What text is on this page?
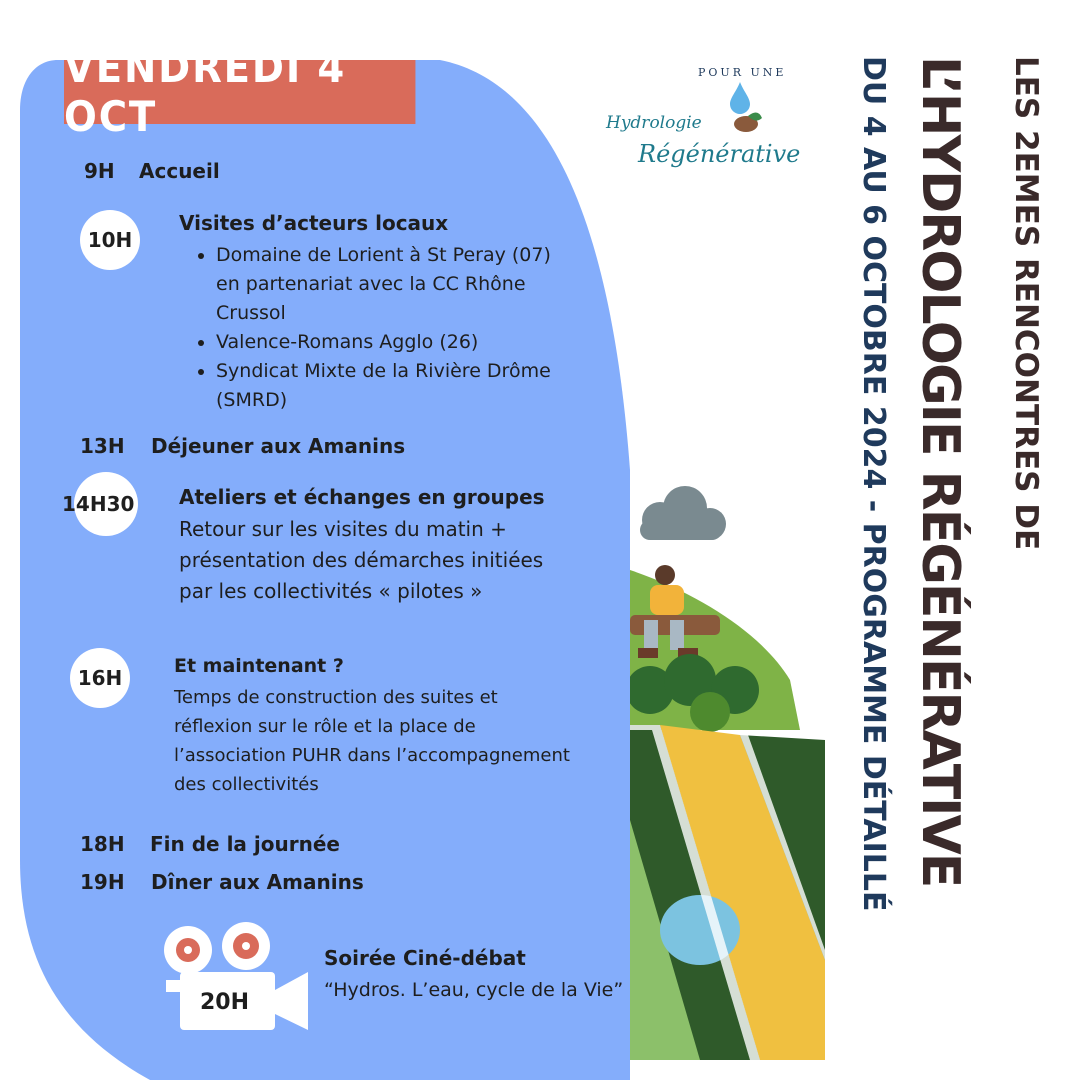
VENDREDI 4 OCT
POUR UNE
Hydrologie
Régénérative	LES 2EMES RENCONTRES DE
L’HYDROLOGIE RÉGÉNÉRATIVE
DU 4 AU 6 OCTOBRE 2024 - PROGRAMME DÉTAILLÉ
9H Accueil
10H
Visites d’acteurs locaux
• Domaine de Lorient à St Peray (07)
en partenariat avec la CC Rhône
Crussol
• Valence-Romans Agglo (26)
• Syndicat Mixte de la Rivière Drôme
(SMRD)
13H Déjeuner aux Amanins
14H30 Ateliers et échanges en groupes
Retour sur les visites du matin +
présentation des démarches initiées
par les collectivités « pilotes »
16H	Et maintenant ?
Temps de construction des suites et
réflexion sur le rôle et la place de
l’association PUHR dans l’accompagnement
des collectivités
18H Fin de la journée
19H Dîner aux Amanins
20H
Soirée Ciné-débat
“Hydros. L’eau, cycle de la Vie”
